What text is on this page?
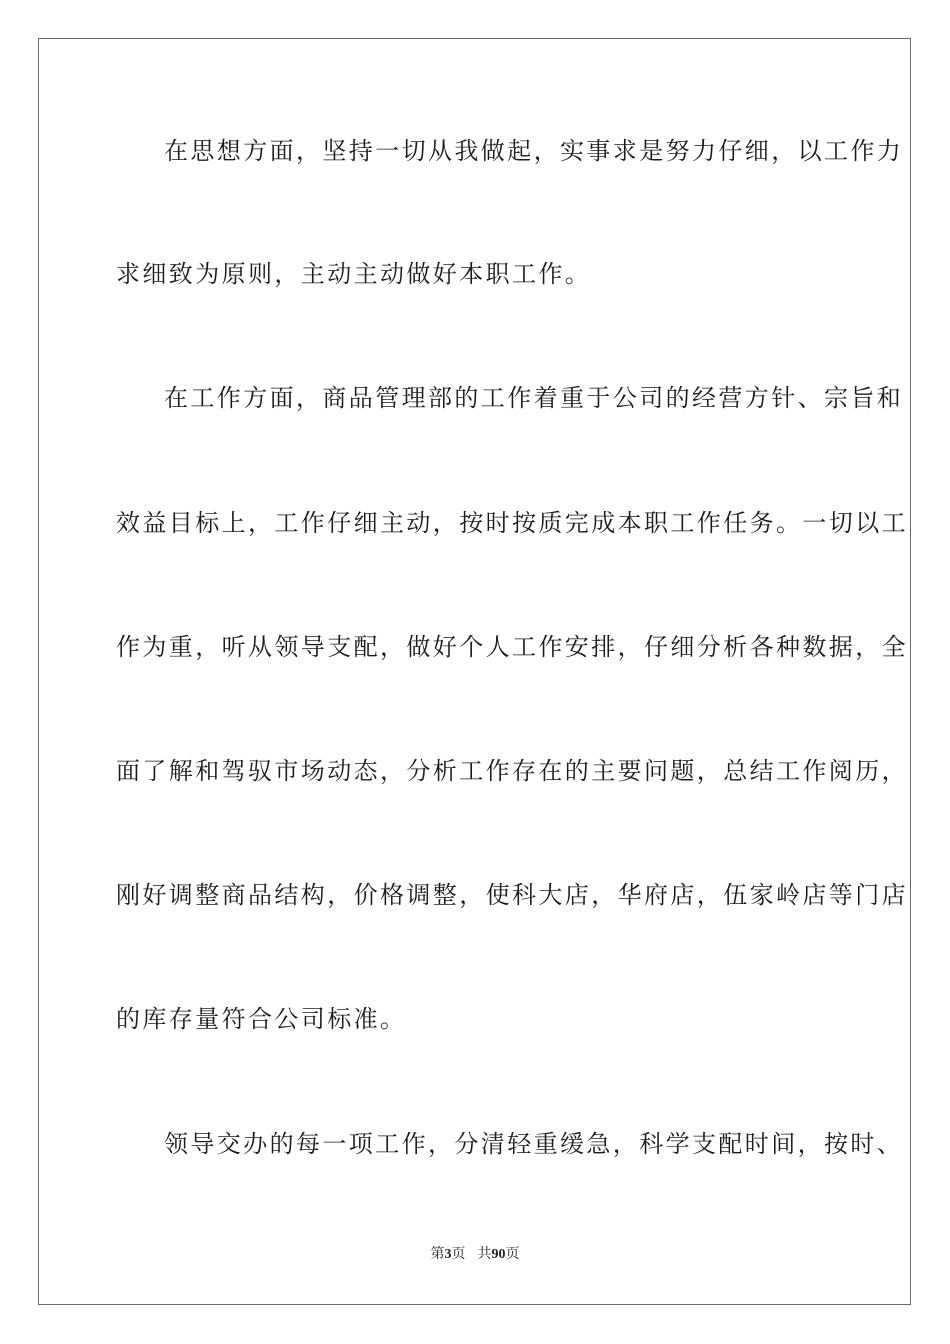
在思想方面，坚持一切从我做起，实事求是努力仔细，以工作力
求细致为原则，主动主动做好本职工作。
在工作方面，商品管理部的工作着重于公司的经营方针、宗旨和
效益目标上，工作仔细主动，按时按质完成本职工作任务。一切以工
作为重，听从领导支配，做好个人工作安排，仔细分析各种数据，全
面了解和驾驭市场动态，分析工作存在的主要问题，总结工作阅历，
刚好调整商品结构，价格调整，使科大店，华府店，伍家岭店等门店
的库存量符合公司标准。
领导交办的每一项工作，分清轻重缓急，科学支配时间，按时、
第3页 共90页
